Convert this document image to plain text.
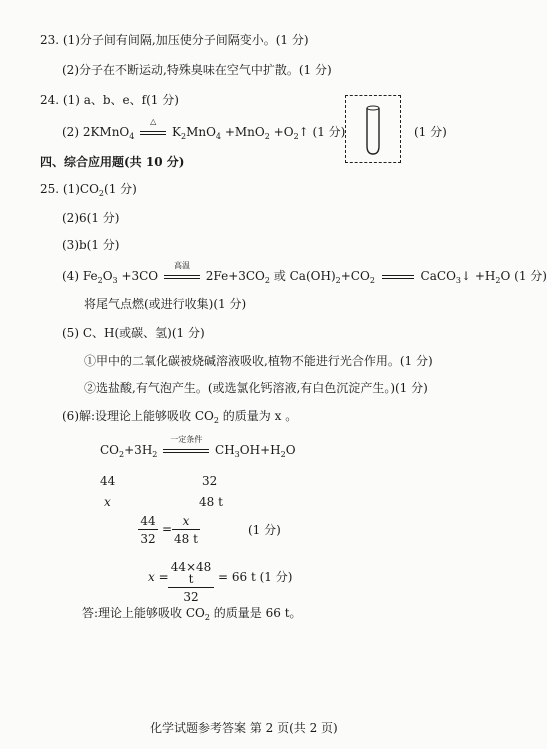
23. (1)分子间有间隔,加压使分子间隔变小。(1 分)
(2)分子在不断运动,特殊臭味在空气中扩散。(1 分)
24. (1) a、b、e、f(1 分)
(2) 2KMnO$_4$
△
$K_2MnO_4 +MnO_2$ $+O_2↑$ (1 分)	(1 分)
四、综合应用题(共 10 分)
25. $(1)CO_2(1$ 分)
(2)6(1 分)
(3)b(1 分)
(4) $Fe_2O_3 +3CO$
高温
$2Fe+3CO_2$ 或 $Ca(OH)_2+CO_2$	CaCO$_3$↓ $+H_2O$ (1 分)
将尾气点燃(或进行收集)(1 分)
(5) C、H(或碳、氢)(1 分)
①甲中的二氧化碳被烧碱溶液吸收,植物不能进行光合作用。(1 分)
②选盐酸,有气泡产生。(或选氯化钙溶液,有白色沉淀产生。)(1 分)
(6)解:设理论上能够吸收 $CO_2$ 的质量为 x 。
$CO_2+3H_2$
一定条件
$CH_3OH+H_2O$
44	32
x	48 t
44
32
=
x
48 t
(1 分)
x =
44×48 t
32
= 66 t (1 分)
答:理论上能够吸收 $CO_2$ 的质量是 66 t。
化学试题参考答案 第 2 页(共 2 页)
